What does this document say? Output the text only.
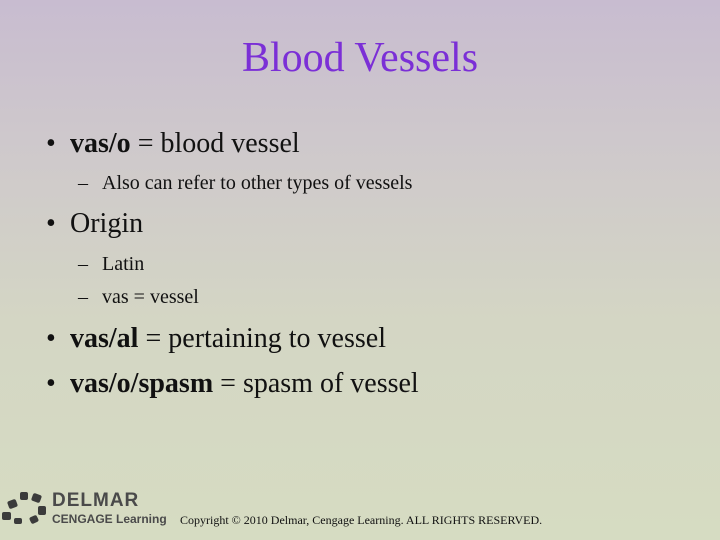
Blood Vessels
• vas/o = blood vessel
– Also can refer to other types of vessels
• Origin
– Latin
– vas = vessel
• vas/al = pertaining to vessel
• vas/o/spasm = spasm of vessel
DELMAR
CENGAGE Learning Copyright © 2010 Delmar, Cengage Learning. ALL RIGHTS RESERVED.
